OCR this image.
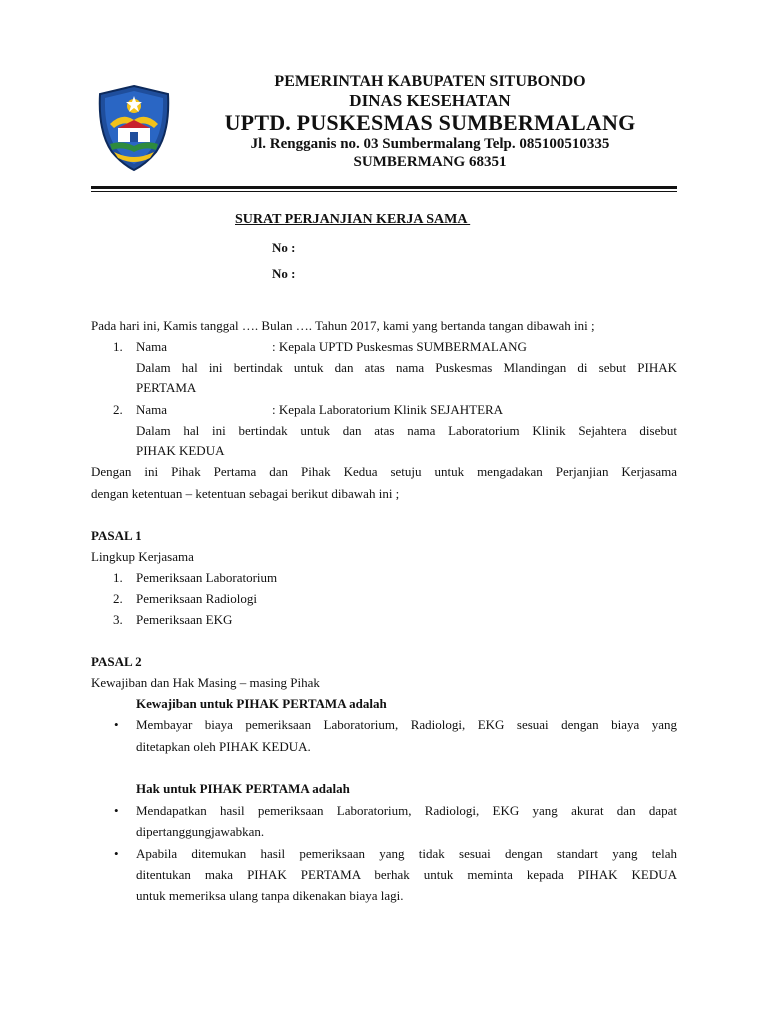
PEMERINTAH KABUPATEN SITUBONDO
DINAS KESEHATAN
UPTD. PUSKESMAS SUMBERMALANG
Jl. Rengganis no. 03 Sumbermalang Telp. 085100510335
SUMBERMANG 68351
SURAT PERJANJIAN KERJA SAMA
No :
No :
Pada hari ini, Kamis tanggal …. Bulan …. Tahun 2017, kami yang bertanda tangan dibawah ini ;
1. Nama	: Kepala UPTD Puskesmas SUMBERMALANG
Dalam hal ini bertindak untuk dan atas nama Puskesmas Mlandingan di sebut PIHAK
PERTAMA
2. Nama	: Kepala Laboratorium Klinik SEJAHTERA
Dalam hal ini bertindak untuk dan atas nama Laboratorium Klinik Sejahtera disebut
PIHAK KEDUA
Dengan ini Pihak Pertama dan Pihak Kedua setuju untuk mengadakan Perjanjian Kerjasama
dengan ketentuan – ketentuan sebagai berikut dibawah ini ;
PASAL 1
Lingkup Kerjasama
1. Pemeriksaan Laboratorium
2. Pemeriksaan Radiologi
3. Pemeriksaan EKG
PASAL 2
Kewajiban dan Hak Masing – masing Pihak
Kewajiban untuk PIHAK PERTAMA adalah
• Membayar biaya pemeriksaan Laboratorium, Radiologi, EKG sesuai dengan biaya yang
ditetapkan oleh PIHAK KEDUA.
Hak untuk PIHAK PERTAMA adalah
• Mendapatkan hasil pemeriksaan Laboratorium, Radiologi, EKG yang akurat dan dapat
dipertanggungjawabkan.
• Apabila ditemukan hasil pemeriksaan yang tidak sesuai dengan standart yang telah
ditentukan maka PIHAK PERTAMA berhak untuk meminta kepada PIHAK KEDUA
untuk memeriksa ulang tanpa dikenakan biaya lagi.
